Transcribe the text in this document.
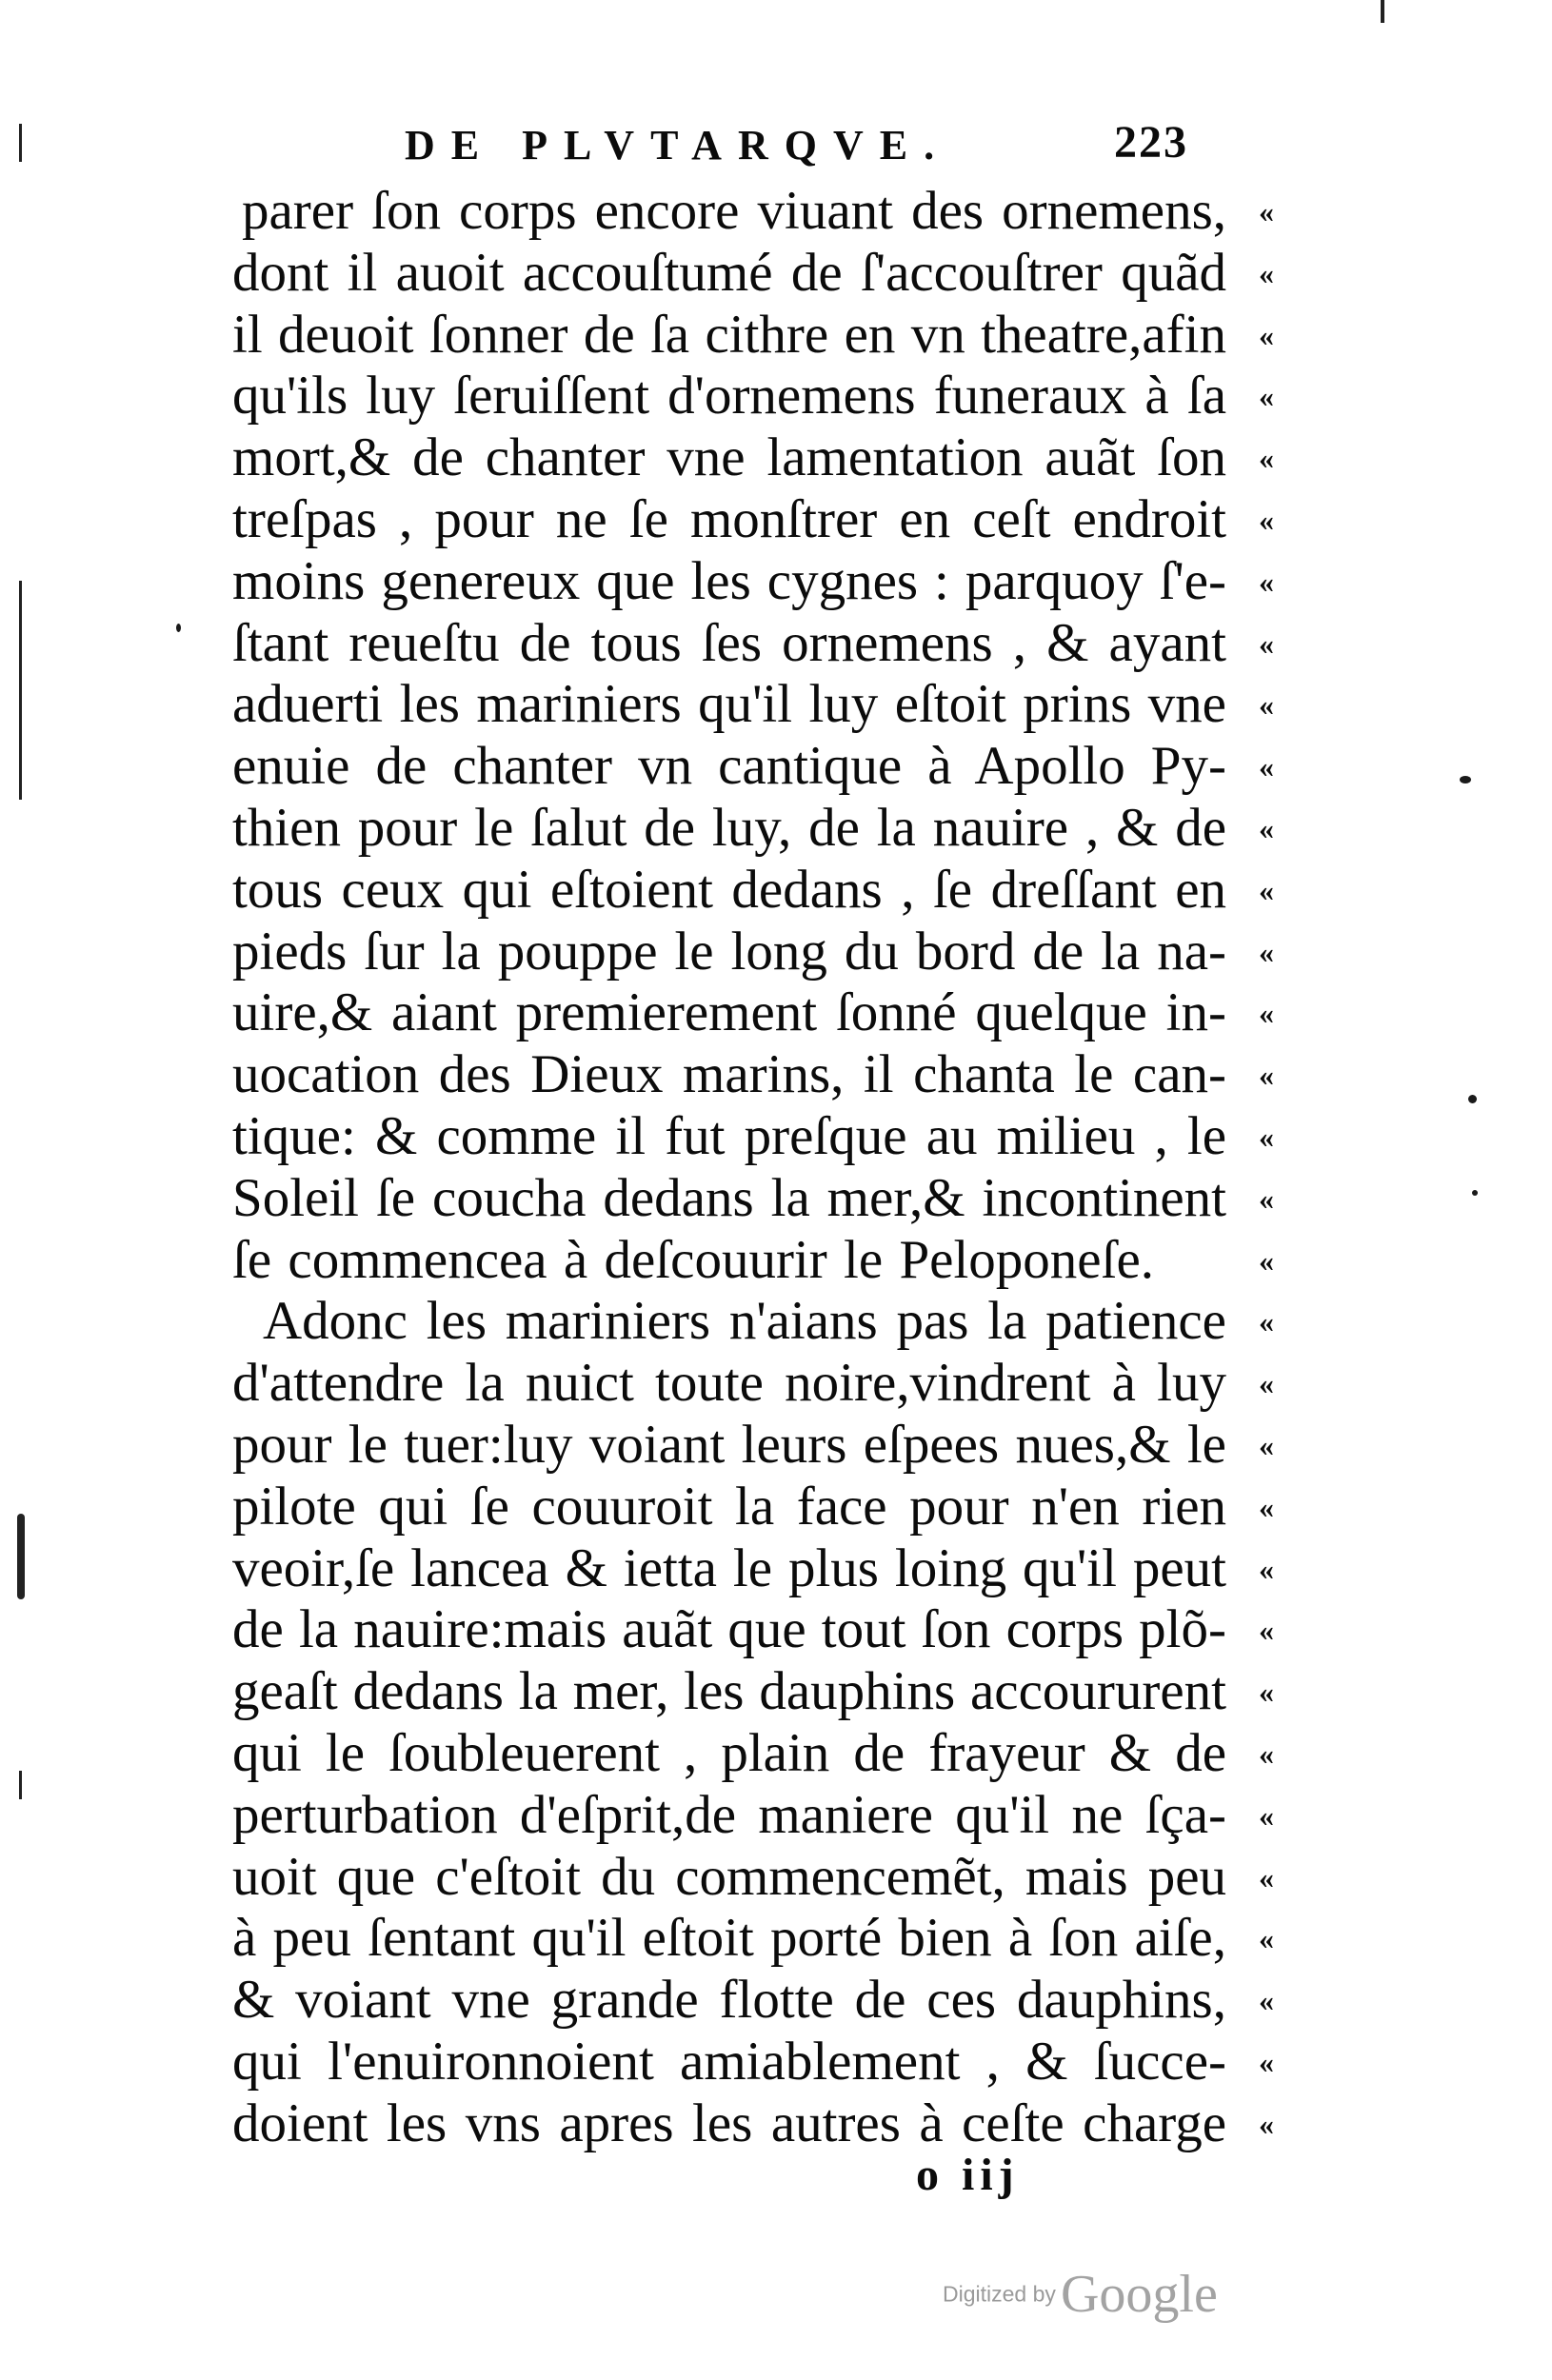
DE PLVTARQVE.	223
parer ſon corps encore viuant des ornemens,	«
dont il auoit accouſtumé de ſ'accouſtrer quãd	«
il deuoit ſonner de ſa cithre en vn theatre,afin	«
qu'ils luy ſeruiſſent d'ornemens funeraux à ſa	«
mort,& de chanter vne lamentation auãt ſon	«
treſpas , pour ne ſe monſtrer en ceſt endroit	«
moins genereux que les cygnes : parquoy ſ'e-	«
ſtant reueſtu de tous ſes ornemens , & ayant	«
aduerti les mariniers qu'il luy eſtoit prins vne	«
enuie de chanter vn cantique à Apollo Py-	«
thien pour le ſalut de luy, de la nauire , & de	«
tous ceux qui eſtoient dedans , ſe dreſſant en	«
pieds ſur la pouppe le long du bord de la na-	«
uire,& aiant premierement ſonné quelque in-	«
uocation des Dieux marins, il chanta le can-	«
tique: & comme il fut preſque au milieu , le	«
Soleil ſe coucha dedans la mer,& incontinent	«
ſe commencea à deſcouurir le Peloponeſe.	«
Adonc les mariniers n'aians pas la patience	«
d'attendre la nuict toute noire,vindrent à luy	«
pour le tuer:luy voiant leurs eſpees nues,& le	«
pilote qui ſe couuroit la face pour n'en rien	«
veoir,ſe lancea & ietta le plus loing qu'il peut	«
de la nauire:mais auãt que tout ſon corps plõ-	«
geaſt dedans la mer, les dauphins accoururent	«
qui le ſoubleuerent , plain de frayeur & de	«
perturbation d'eſprit,de maniere qu'il ne ſça-	«
uoit que c'eſtoit du commencemẽt, mais peu	«
à peu ſentant qu'il eſtoit porté bien à ſon aiſe,	«
& voiant vne grande flotte de ces dauphins,	«
qui l'enuironnoient amiablement , & ſucce-	«
doient les vns apres les autres à ceſte charge	«
o iij
Digitized by Google
